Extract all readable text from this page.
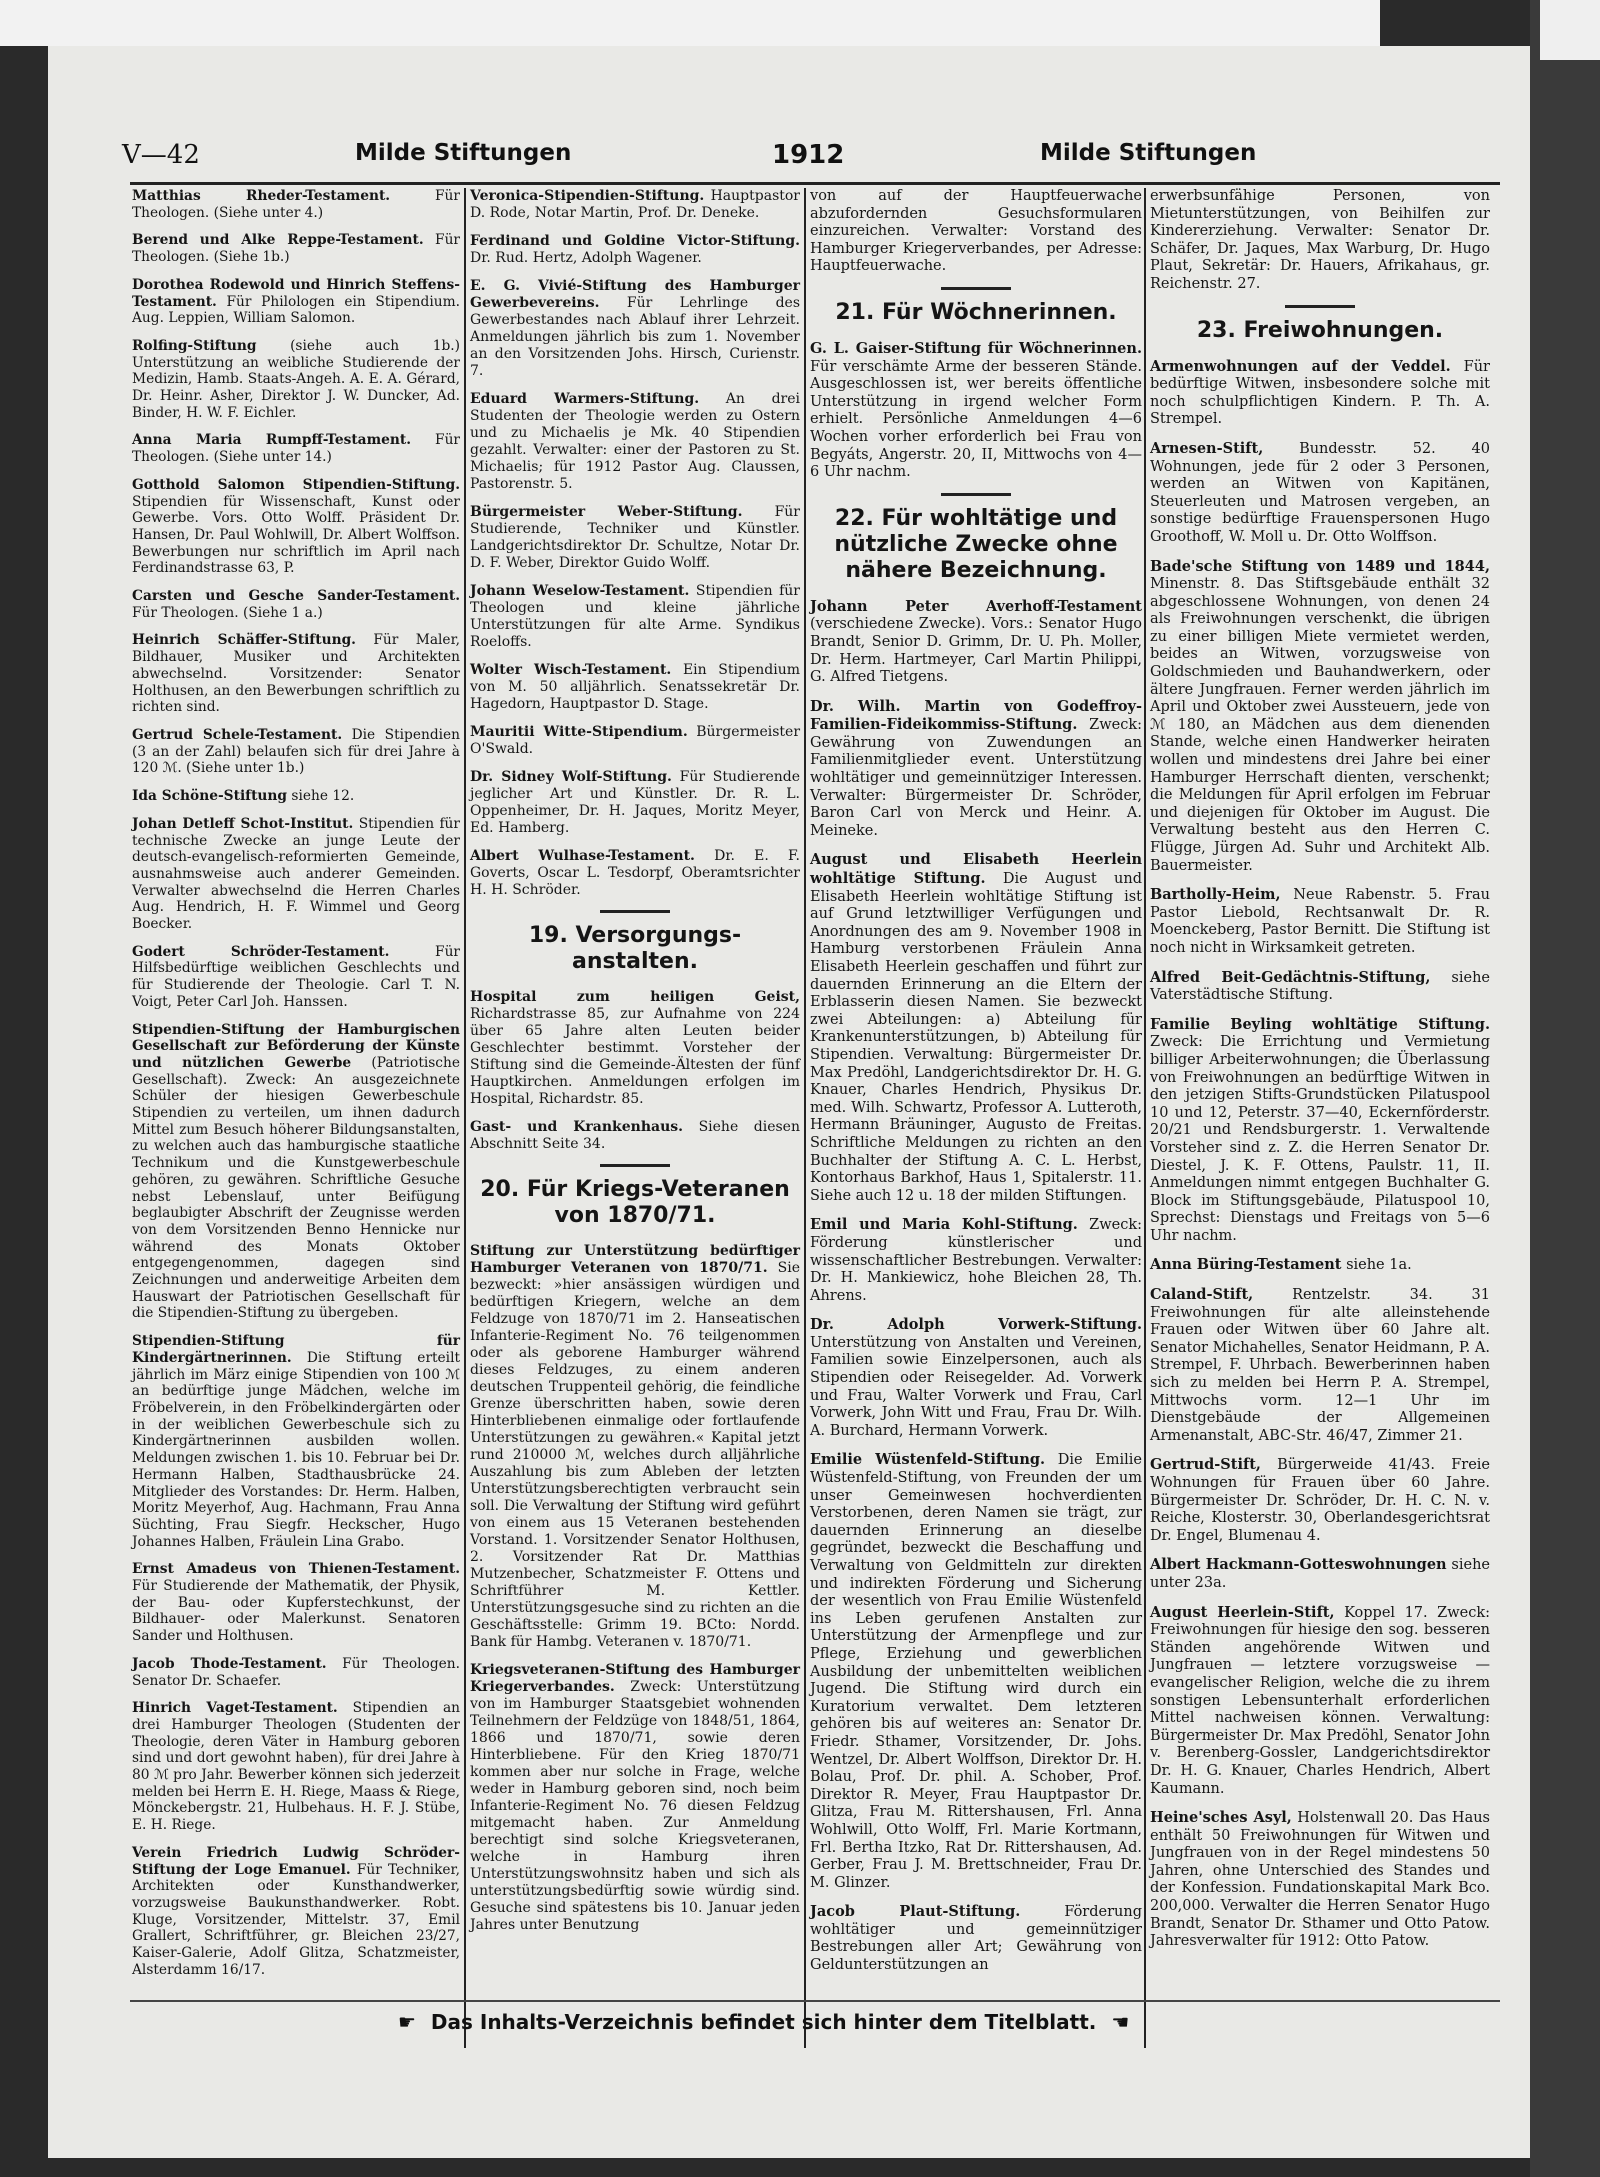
V—42	Milde Stiftungen	1912	Milde Stiftungen

Matthias Rheder-Testament.	Für Theologen. (Siehe unter 4.)

Berend und Alke Reppe-Testament. Für Theologen. (Siehe 1b.)

Dorothea Rodewold und Hinrich Steffens-Testament. Für Philologen ein Stipendium. Aug. Leppien, William Salomon.

Rolfing-Stiftung (siehe auch 1b.) Unterstützung an weibliche Studierende der Medizin, Hamb. Staats-Angeh. A. E. A. Gérard, Dr. Heinr. Asher, Direktor J. W. Duncker, Ad. Binder, H. W. F. Eichler.

Anna Maria Rumpff-Testament. Für Theologen. (Siehe unter 14.)

Gotthold Salomon Stipendien-Stiftung. Stipendien für Wissenschaft, Kunst oder Gewerbe. Vors. Otto Wolff. Präsident Dr. Hansen, Dr. Paul Wohlwill, Dr. Albert Wolffson. Bewerbungen nur schriftlich im April nach Ferdinandstrasse 63, P.

Carsten und Gesche Sander-Testament. Für Theologen. (Siehe 1 a.)

Heinrich Schäffer-Stiftung. Für Maler, Bildhauer, Musiker und Architekten abwechselnd. Vorsitzender: Senator Holthusen, an den Bewerbungen schriftlich zu richten sind.

Gertrud Schele-Testament. Die Stipendien (3 an der Zahl) belaufen sich für drei Jahre à 120 ℳ. (Siehe unter 1b.)

Ida Schöne-Stiftung siehe 12.

Johan Detleff Schot-Institut. Stipendien für technische Zwecke an junge Leute der deutsch-evangelisch-reformierten Gemeinde, ausnahmsweise auch anderer Gemeinden. Verwalter abwechselnd die Herren Charles Aug. Hendrich, H. F. Wimmel und Georg Boecker.

Godert Schröder-Testament.	Für Hilfsbedürftige weiblichen Geschlechts und für Studierende der Theologie. Carl T. N. Voigt, Peter Carl Joh. Hanssen.

Stipendien-Stiftung der Hamburgischen Gesellschaft zur Beförderung der Künste und nützlichen Gewerbe (Patriotische Gesellschaft). Zweck: An ausgezeichnete Schüler der hiesigen Gewerbeschule Stipendien zu verteilen, um ihnen dadurch Mittel zum Besuch höherer Bildungsanstalten, zu welchen auch das hamburgische staatliche Technikum und die Kunstgewerbeschule gehören, zu gewähren. Schriftliche Gesuche nebst Lebenslauf, unter Beifügung beglaubigter Abschrift der Zeugnisse werden von dem Vorsitzenden Benno Hennicke nur während des Monats Oktober entgegengenommen, dagegen sind Zeichnungen und anderweitige Arbeiten dem Hauswart der Patriotischen Gesellschaft für die Stipendien-Stiftung zu übergeben.

Stipendien-Stiftung für Kindergärtnerinnen. Die Stiftung erteilt jährlich im März einige Stipendien von 100 ℳ an bedürftige junge Mädchen, welche im Fröbelverein, in den Fröbelkindergärten oder in der weiblichen Gewerbeschule sich zu Kindergärtnerinnen ausbilden wollen. Meldungen zwischen 1. bis 10. Februar bei Dr. Hermann Halben, Stadthausbrücke 24. Mitglieder des Vorstandes: Dr. Herm. Halben, Moritz Meyerhof, Aug. Hachmann, Frau Anna Süchting, Frau Siegfr. Heckscher, Hugo Johannes Halben, Fräulein Lina Grabo.

Ernst Amadeus von Thienen-Testament. Für Studierende der Mathematik, der Physik, der Bau- oder Kupferstechkunst, der Bildhauer- oder Malerkunst. Senatoren Sander und Holthusen.

Jacob Thode-Testament. Für Theologen. Senator Dr. Schaefer.

Hinrich Vaget-Testament. Stipendien an drei Hamburger Theologen (Studenten der Theologie, deren Väter in Hamburg geboren sind und dort gewohnt haben), für drei Jahre à 80 ℳ pro Jahr. Bewerber können sich jederzeit melden bei Herrn E. H. Riege, Maass & Riege, Mönckebergstr. 21, Hulbehaus. H. F. J. Stübe, E. H. Riege.

Verein Friedrich Ludwig Schröder-Stiftung der Loge Emanuel. Für Techniker, Architekten oder Kunsthandwerker, vorzugsweise Baukunsthandwerker. Robt. Kluge, Vorsitzender, Mittelstr. 37, Emil Grallert, Schriftführer, gr. Bleichen 23/27, Kaiser-Galerie, Adolf Glitza, Schatzmeister, Alsterdamm 16/17.

Veronica-Stipendien-Stiftung. Hauptpastor D. Rode, Notar Martin, Prof. Dr. Deneke.

Ferdinand und Goldine Victor-Stiftung. Dr. Rud. Hertz, Adolph Wagener.

E. G. Vivié-Stiftung des Hamburger Gewerbevereins. Für Lehrlinge des Gewerbestandes nach Ablauf ihrer Lehrzeit. Anmeldungen jährlich bis zum 1. November an den Vorsitzenden Johs. Hirsch, Curienstr. 7.

Eduard Warmers-Stiftung. An drei Studenten der Theologie werden zu Ostern und zu Michaelis je Mk. 40 Stipendien gezahlt. Verwalter: einer der Pastoren zu St. Michaelis; für 1912 Pastor Aug. Claussen, Pastorenstr. 5.

Bürgermeister Weber-Stiftung. Für Studierende, Techniker und Künstler. Landgerichtsdirektor Dr. Schultze, Notar Dr. D. F. Weber, Direktor Guido Wolff.

Johann Weselow-Testament. Stipendien für Theologen und kleine jährliche Unterstützungen für alte Arme. Syndikus Roeloffs.

Wolter Wisch-Testament. Ein Stipendium von M. 50 alljährlich. Senatssekretär Dr. Hagedorn, Hauptpastor D. Stage.

Mauritii Witte-Stipendium. Bürgermeister O'Swald.

Dr. Sidney Wolf-Stiftung. Für Studierende jeglicher Art und Künstler. Dr. R. L. Oppenheimer, Dr. H. Jaques, Moritz Meyer, Ed. Hamberg.

Albert Wulhase-Testament. Dr. E. F. Goverts, Oscar L. Tesdorpf, Oberamtsrichter H. H. Schröder.

19. Versorgungs-anstalten.

Hospital zum heiligen Geist, Richardstrasse 85, zur Aufnahme von 224 über 65 Jahre alten Leuten beider Geschlechter bestimmt. Vorsteher der Stiftung sind die Gemeinde-Ältesten der fünf Hauptkirchen. Anmeldungen erfolgen im Hospital, Richardstr. 85.

Gast- und Krankenhaus. Siehe diesen Abschnitt Seite 34.

20. Für Kriegs-Veteranen von 1870/71.

Stiftung zur Unterstützung bedürftiger Hamburger Veteranen von 1870/71. Sie bezweckt: »hier ansässigen würdigen und bedürftigen Kriegern, welche an dem Feldzuge von 1870/71 im 2. Hanseatischen Infanterie-Regiment No. 76 teilgenommen oder als geborene Hamburger während dieses Feldzuges, zu einem anderen deutschen Truppenteil gehörig, die feindliche Grenze überschritten haben, sowie deren Hinterbliebenen einmalige oder fortlaufende Unterstützungen zu gewähren.« Kapital jetzt rund 210000 ℳ, welches durch alljährliche Auszahlung bis zum Ableben der letzten Unterstützungsberechtigten verbraucht sein soll. Die Verwaltung der Stiftung wird geführt von einem aus 15 Veteranen bestehenden Vorstand. 1. Vorsitzender Senator Holthusen, 2. Vorsitzender Rat Dr. Matthias Mutzenbecher, Schatzmeister F. Ottens und Schriftführer M. Kettler. Unterstützungsgesuche sind zu richten an die Geschäftsstelle: Grimm 19. BCto: Nordd. Bank für Hambg. Veteranen v. 1870/71.

Kriegsveteranen-Stiftung des Hamburger Kriegerverbandes. Zweck: Unterstützung von im Hamburger Staatsgebiet wohnenden Teilnehmern der Feldzüge von 1848/51, 1864, 1866 und 1870/71, sowie deren Hinterbliebene. Für den Krieg 1870/71 kommen aber nur solche in Frage, welche weder in Hamburg geboren sind, noch beim Infanterie-Regiment No. 76 diesen Feldzug mitgemacht haben. Zur Anmeldung berechtigt sind solche Kriegsveteranen, welche in Hamburg ihren Unterstützungswohnsitz haben und sich als unterstützungsbedürftig sowie würdig sind. Gesuche sind spätestens bis 10. Januar jeden Jahres unter Benutzung

von auf der Hauptfeuerwache abzufordernden Gesuchsformularen einzureichen. Verwalter: Vorstand des Hamburger Kriegerverbandes, per Adresse: Hauptfeuerwache.

21. Für Wöchnerinnen.

G. L. Gaiser-Stiftung für Wöchnerinnen. Für verschämte Arme der besseren Stände. Ausgeschlossen ist, wer bereits öffentliche Unterstützung in irgend welcher Form erhielt. Persönliche Anmeldungen 4—6 Wochen vorher erforderlich bei Frau von Begyáts, Angerstr. 20, II, Mittwochs von 4—6 Uhr nachm.

22. Für wohltätige und nützliche Zwecke ohne nähere Bezeichnung.

Johann Peter Averhoff-Testament (verschiedene Zwecke). Vors.: Senator Hugo Brandt, Senior D. Grimm, Dr. U. Ph. Moller, Dr. Herm. Hartmeyer, Carl Martin Philippi, G. Alfred Tietgens.

Dr. Wilh. Martin von Godeffroy-Familien-Fideikommiss-Stiftung. Zweck: Gewährung von Zuwendungen an Familienmitglieder event. Unterstützung wohltätiger und gemeinnütziger Interessen. Verwalter: Bürgermeister Dr. Schröder, Baron Carl von Merck und Heinr. A. Meineke.

August und Elisabeth Heerlein wohltätige Stiftung. Die August und Elisabeth Heerlein wohltätige Stiftung ist auf Grund letztwilliger Verfügungen und Anordnungen des am 9. November 1908 in Hamburg verstorbenen Fräulein Anna Elisabeth Heerlein geschaffen und führt zur dauernden Erinnerung an die Eltern der Erblasserin diesen Namen. Sie bezweckt zwei Abteilungen: a) Abteilung für Krankenunterstützungen, b) Abteilung für Stipendien. Verwaltung: Bürgermeister Dr. Max Predöhl, Landgerichtsdirektor Dr. H. G. Knauer, Charles Hendrich, Physikus Dr. med. Wilh. Schwartz, Professor A. Lutteroth, Hermann Bräuninger, Augusto de Freitas. Schriftliche Meldungen zu richten an den Buchhalter der Stiftung A. C. L. Herbst, Kontorhaus Barkhof, Haus 1, Spitalerstr. 11. Siehe auch 12 u. 18 der milden Stiftungen.

Emil und Maria Kohl-Stiftung. Zweck: Förderung künstlerischer und wissenschaftlicher Bestrebungen. Verwalter: Dr. H. Mankiewicz, hohe Bleichen 28, Th. Ahrens.

Dr. Adolph Vorwerk-Stiftung. Unterstützung von Anstalten und Vereinen, Familien sowie Einzelpersonen, auch als Stipendien oder Reisegelder. Ad. Vorwerk und Frau, Walter Vorwerk und Frau, Carl Vorwerk, John Witt und Frau, Frau Dr. Wilh. A. Burchard, Hermann Vorwerk.

Emilie Wüstenfeld-Stiftung. Die Emilie Wüstenfeld-Stiftung, von Freunden der um unser Gemeinwesen hochverdienten Verstorbenen, deren Namen sie trägt, zur dauernden Erinnerung an dieselbe gegründet, bezweckt die Beschaffung und Verwaltung von Geldmitteln zur direkten und indirekten Förderung und Sicherung der wesentlich von Frau Emilie Wüstenfeld ins Leben gerufenen Anstalten zur Unterstützung der Armenpflege und zur Pflege, Erziehung und gewerblichen Ausbildung der unbemittelten weiblichen Jugend. Die Stiftung wird durch ein Kuratorium verwaltet. Dem letzteren gehören bis auf weiteres an: Senator Dr. Friedr. Sthamer, Vorsitzender, Dr. Johs. Wentzel, Dr. Albert Wolffson, Direktor Dr. H. Bolau, Prof. Dr. phil. A. Schober, Prof. Direktor R. Meyer, Frau Hauptpastor Dr. Glitza, Frau M. Rittershausen, Frl. Anna Wohlwill, Otto Wolff, Frl. Marie Kortmann, Frl. Bertha Itzko, Rat Dr. Rittershausen, Ad. Gerber, Frau J. M. Brettschneider, Frau Dr. M. Glinzer.

Jacob Plaut-Stiftung.	Förderung wohltätiger und gemeinnütziger Bestrebungen aller Art; Gewährung von Geldunterstützungen an

erwerbsunfähige Personen, von Mietunterstützungen, von Beihilfen zur Kindererziehung. Verwalter: Senator Dr. Schäfer, Dr. Jaques, Max Warburg, Dr. Hugo Plaut, Sekretär: Dr. Hauers, Afrikahaus, gr. Reichenstr. 27.

23. Freiwohnungen.

Armenwohnungen auf der Veddel. Für bedürftige Witwen, insbesondere solche mit noch schulpflichtigen Kindern. P. Th. A. Strempel.

Arnesen-Stift, Bundesstr. 52. 40 Wohnungen, jede für 2 oder 3 Personen, werden an Witwen von Kapitänen, Steuerleuten und Matrosen vergeben, an sonstige bedürftige Frauenspersonen Hugo Groothoff, W. Moll u. Dr. Otto Wolffson.

Bade'sche Stiftung von 1489 und 1844, Minenstr. 8. Das Stiftsgebäude enthält 32 abgeschlossene Wohnungen, von denen 24 als Freiwohnungen verschenkt, die übrigen zu einer billigen Miete vermietet werden, beides an Witwen, vorzugsweise von Goldschmieden und Bauhandwerkern, oder ältere Jungfrauen. Ferner werden jährlich im April und Oktober zwei Aussteuern, jede von ℳ 180, an Mädchen aus dem dienenden Stande, welche einen Handwerker heiraten wollen und mindestens drei Jahre bei einer Hamburger Herrschaft dienten, verschenkt; die Meldungen für April erfolgen im Februar und diejenigen für Oktober im August. Die Verwaltung besteht aus den Herren C. Flügge, Jürgen Ad. Suhr und Architekt Alb. Bauermeister.

Bartholly-Heim, Neue Rabenstr. 5. Frau Pastor Liebold, Rechtsanwalt Dr. R. Moenckeberg, Pastor Bernitt. Die Stiftung ist noch nicht in Wirksamkeit getreten.

Alfred Beit-Gedächtnis-Stiftung, siehe Vaterstädtische Stiftung.

Familie Beyling wohltätige Stiftung. Zweck: Die Errichtung und Vermietung billiger Arbeiterwohnungen; die Überlassung von Freiwohnungen an bedürftige Witwen in den jetzigen Stifts-Grundstücken Pilatuspool 10 und 12, Peterstr. 37—40, Eckernförderstr. 20/21 und Rendsburgerstr. 1. Verwaltende Vorsteher sind z. Z. die Herren Senator Dr. Diestel, J. K. F. Ottens, Paulstr. 11, II. Anmeldungen nimmt entgegen Buchhalter G. Block im Stiftungsgebäude, Pilatuspool 10, Sprechst: Dienstags und Freitags von 5—6 Uhr nachm.

Anna Büring-Testament siehe 1a.

Caland-Stift,	Rentzelstr. 34. 31 Freiwohnungen für alte alleinstehende Frauen oder Witwen über 60 Jahre alt. Senator Michahelles, Senator Heidmann, P. A. Strempel, F. Uhrbach. Bewerberinnen haben sich zu melden bei Herrn P. A. Strempel, Mittwochs vorm. 12—1 Uhr im Dienstgebäude der Allgemeinen Armenanstalt, ABC-Str. 46/47, Zimmer 21.

Gertrud-Stift, Bürgerweide 41/43. Freie Wohnungen für Frauen über 60 Jahre. Bürgermeister Dr. Schröder, Dr. H. C. N. v. Reiche, Klosterstr. 30, Oberlandesgerichtsrat Dr. Engel, Blumenau 4.

Albert Hackmann-Gotteswohnungen siehe unter 23a.

August Heerlein-Stift, Koppel 17. Zweck: Freiwohnungen für hiesige den sog. besseren Ständen angehörende Witwen und Jungfrauen — letztere vorzugsweise — evangelischer Religion, welche die zu ihrem sonstigen Lebensunterhalt erforderlichen Mittel nachweisen können. Verwaltung: Bürgermeister Dr. Max Predöhl, Senator John v. Berenberg-Gossler, Landgerichtsdirektor Dr. H. G. Knauer, Charles Hendrich, Albert Kaumann.

Heine'sches Asyl, Holstenwall 20. Das Haus enthält 50 Freiwohnungen für Witwen und Jungfrauen von in der Regel mindestens 50 Jahren, ohne Unterschied des Standes und der Konfession. Fundationskapital Mark Bco. 200,000. Verwalter die Herren Senator Hugo Brandt, Senator Dr. Sthamer und Otto Patow. Jahresverwalter für 1912: Otto Patow.

☛ Das Inhalts-Verzeichnis befindet sich hinter dem Titelblatt. ☚
